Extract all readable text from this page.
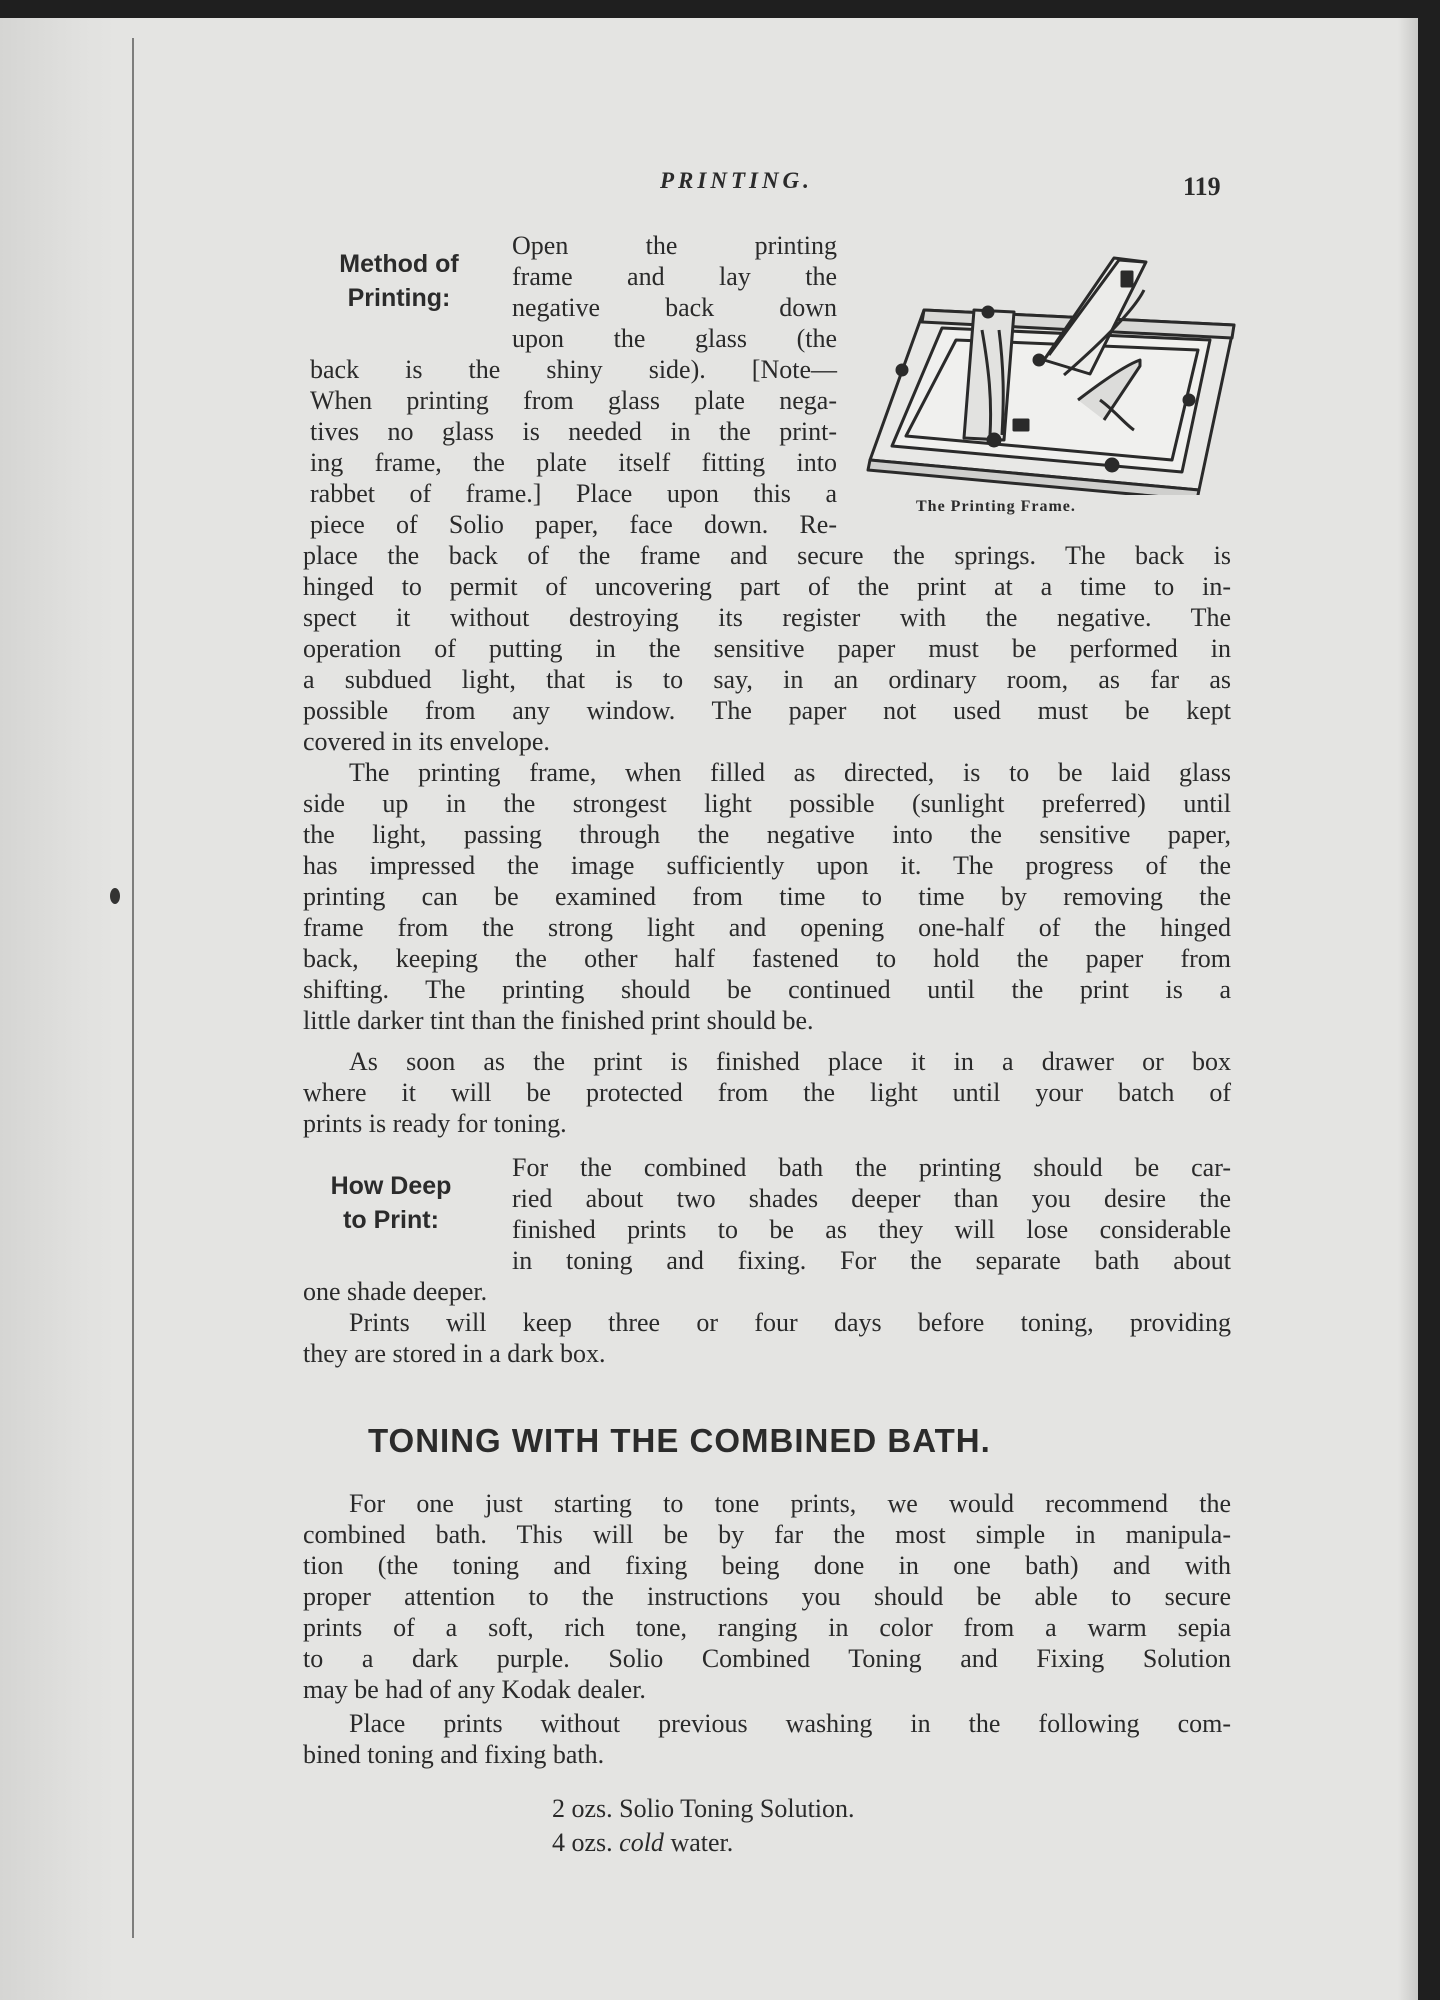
PRINTING.	119
Method of
Printing:
How Deep
to Print:
Open the printing
frame and lay the
negative back down
upon the glass (the
back is the shiny side). [Note—
When printing from glass plate nega-
tives no glass is needed in the print-
ing frame, the plate itself fitting into
rabbet of frame.] Place upon this a
piece of Solio paper, face down. Re-
The Printing Frame.
place the back of the frame and secure the springs. The back is
hinged to permit of uncovering part of the print at a time to in-
spect it without destroying its register with the negative. The
operation of putting in the sensitive paper must be performed in
a subdued light, that is to say, in an ordinary room, as far as
possible from any window. The paper not used must be kept
covered in its envelope.
The printing frame, when filled as directed, is to be laid glass
side up in the strongest light possible (sunlight preferred) until
the light, passing through the negative into the sensitive paper,
has impressed the image sufficiently upon it. The progress of the
printing can be examined from time to time by removing the
frame from the strong light and opening one-half of the hinged
back, keeping the other half fastened to hold the paper from
shifting. The printing should be continued until the print is a
little darker tint than the finished print should be.
As soon as the print is finished place it in a drawer or box
where it will be protected from the light until your batch of
prints is ready for toning.
For the combined bath the printing should be car-
ried about two shades deeper than you desire the
finished prints to be as they will lose considerable
in toning and fixing. For the separate bath about
one shade deeper.
Prints will keep three or four days before toning, providing
they are stored in a dark box.
TONING WITH THE COMBINED BATH.
For one just starting to tone prints, we would recommend the
combined bath. This will be by far the most simple in manipula-
tion (the toning and fixing being done in one bath) and with
proper attention to the instructions you should be able to secure
prints of a soft, rich tone, ranging in color from a warm sepia
to a dark purple. Solio Combined Toning and Fixing Solution
may be had of any Kodak dealer.
Place prints without previous washing in the following com-
bined toning and fixing bath.
2 ozs. Solio Toning Solution.
4 ozs. cold water.
